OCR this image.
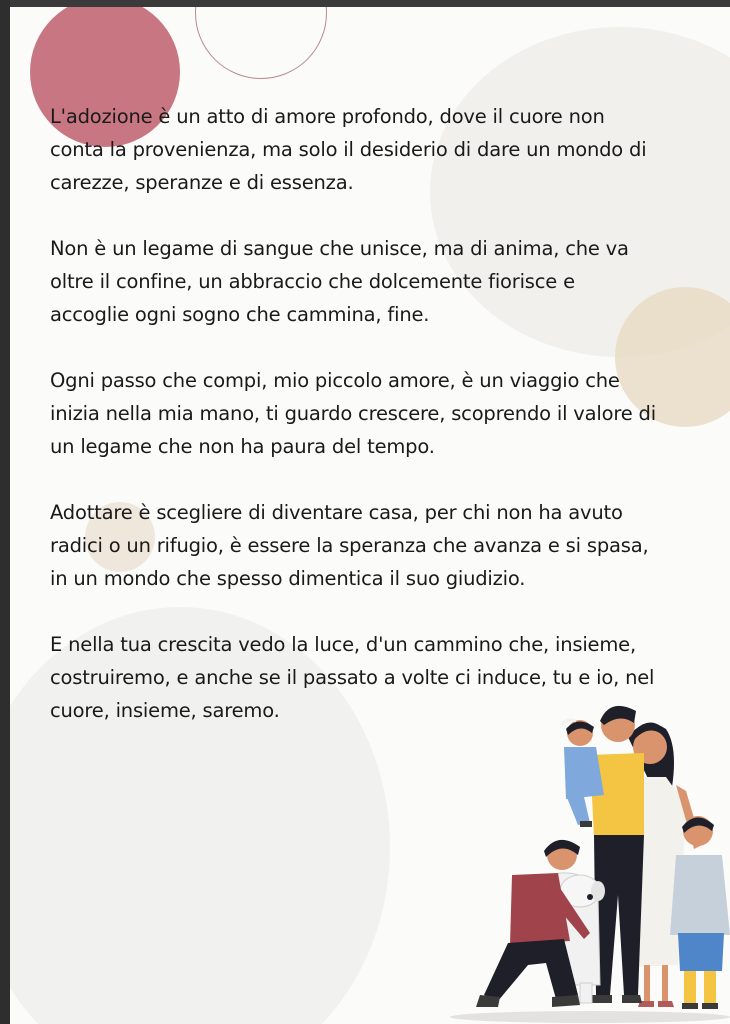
L'adozione è un atto di amore profondo, dove il cuore non
conta la provenienza, ma solo il desiderio di dare un mondo di
carezze, speranze e di essenza.
Non è un legame di sangue che unisce, ma di anima, che va
oltre il confine, un abbraccio che dolcemente fiorisce e
accoglie ogni sogno che cammina, fine.
Ogni passo che compi, mio piccolo amore, è un viaggio che
inizia nella mia mano, ti guardo crescere, scoprendo il valore di
un legame che non ha paura del tempo.
Adottare è scegliere di diventare casa, per chi non ha avuto
radici o un rifugio, è essere la speranza che avanza e si spasa,
in un mondo che spesso dimentica il suo giudizio.
E nella tua crescita vedo la luce, d'un cammino che, insieme,
costruiremo, e anche se il passato a volte ci induce, tu e io, nel
cuore, insieme, saremo.
